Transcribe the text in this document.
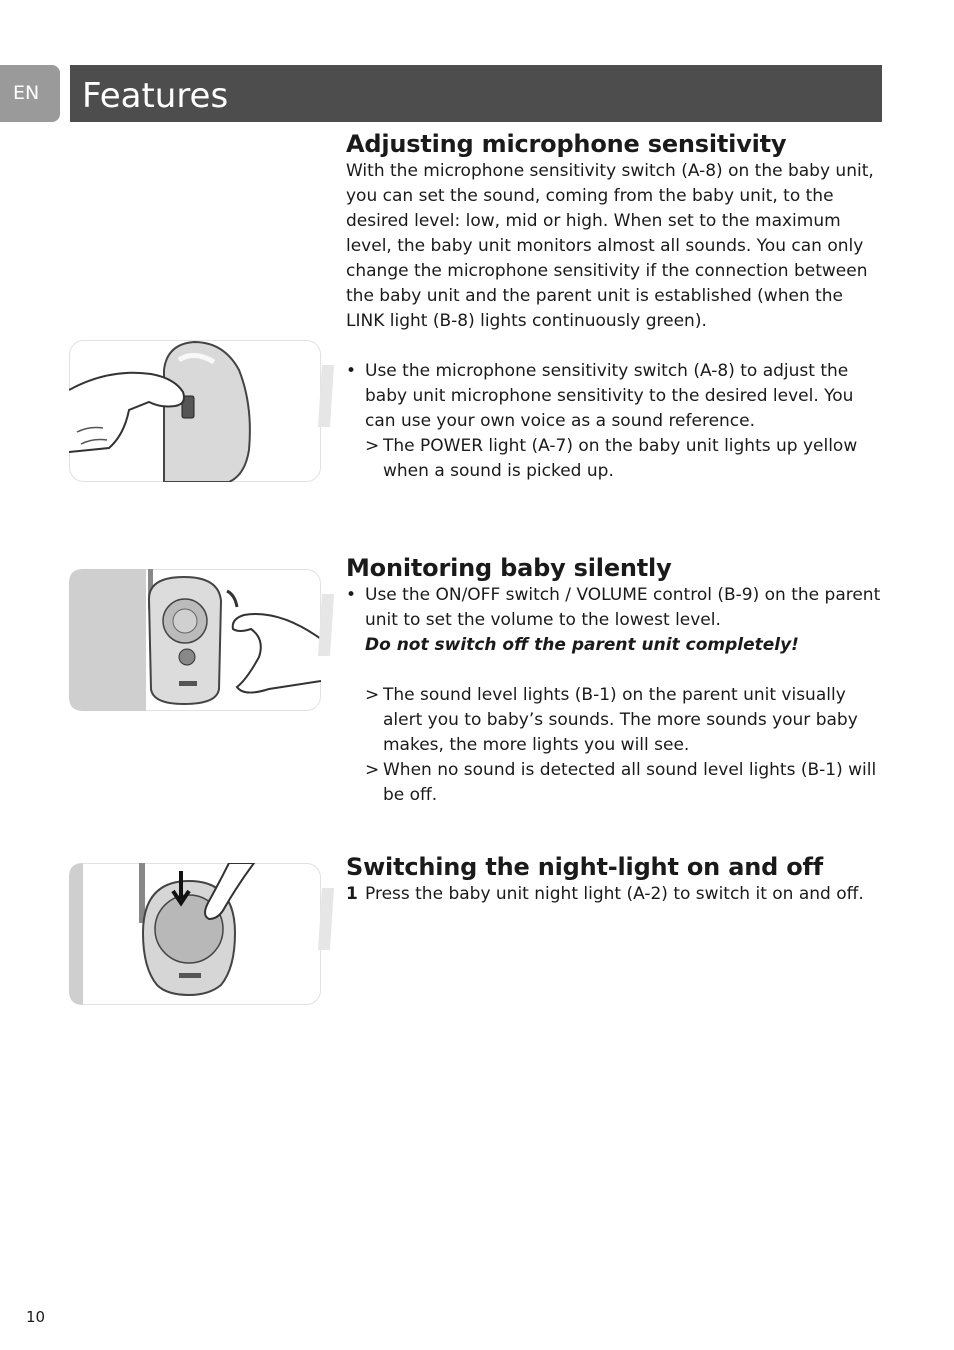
EN	Features
Adjusting microphone sensitivity

With the microphone sensitivity switch (A-8) on the baby unit, you can set the sound, coming from the baby unit, to the desired level: low, mid or high. When set to the maximum level, the baby unit monitors almost all sounds. You can only change the microphone sensitivity if the connection between the baby unit and the parent unit is established (when the LINK light (B-8) lights continuously green).

• Use the microphone sensitivity switch (A-8) to adjust the baby unit microphone sensitivity to the desired level. You can use your own voice as a sound reference.

> The POWER light (A-7) on the baby unit lights up yellow when a sound is picked up.

Monitoring baby silently

• Use the ON/OFF switch / VOLUME control (B-9) on the parent unit to set the volume to the lowest level.

Do not switch off the parent unit completely!

> The sound level lights (B-1) on the parent unit visually alert you to baby’s sounds. The more sounds your baby makes, the more lights you will see.

> When no sound is detected all sound level lights (B-1) will be off.

Switching the night-light on and off

1 Press the baby unit night light (A-2) to switch it on and off.

10
